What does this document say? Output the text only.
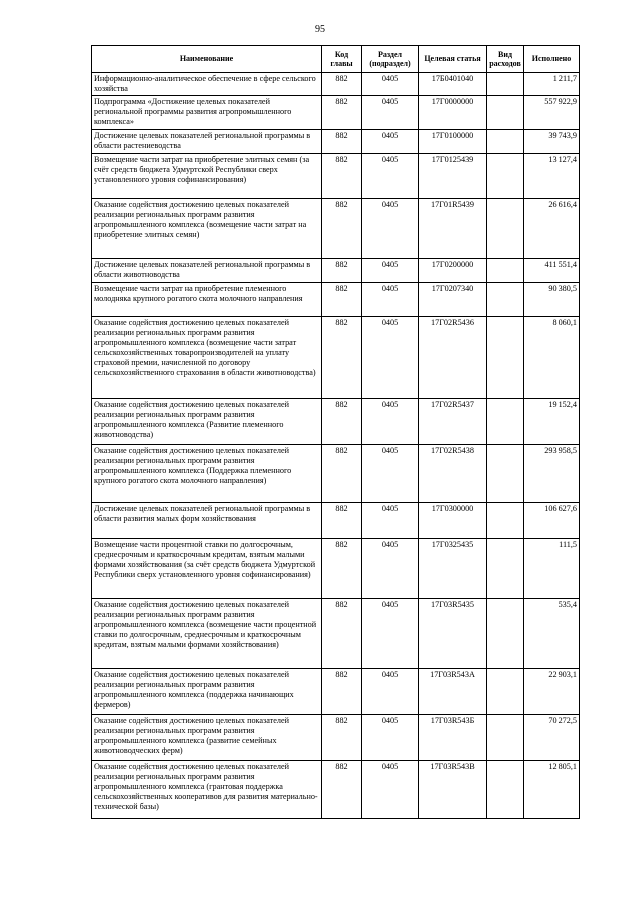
95
Наименование	Код главы	Раздел (подраздел)	Целевая статья	Вид расходов	Исполнено
Информационно-аналитическое обеспечение в сфере сельского хозяйства	882	0405	17Б0401040		1 211,7
Подпрограмма «Достижение целевых показателей региональной программы развития агропромышленного комплекса»	882	0405	17Г0000000		557 922,9
Достижение целевых показателей региональной программы в области растениеводства	882	0405	17Г0100000		39 743,9
Возмещение части затрат на приобретение элитных семян (за счёт средств бюджета Удмуртской Республики сверх установленного уровня софинансирования)	882	0405	17Г0125439		13 127,4
Оказание содействия достижению целевых показателей реализации региональных программ развития агропромышленного комплекса (возмещение части затрат на приобретение элитных семян)	882	0405	17Г01R5439		26 616,4
Достижение целевых показателей региональной программы в области животноводства	882	0405	17Г0200000		411 551,4
Возмещение части затрат на приобретение племенного молодняка крупного рогатого скота молочного направления	882	0405	17Г0207340		90 380,5
Оказание содействия достижению целевых показателей реализации региональных программ развития агропромышленного комплекса (возмещение части затрат сельскохозяйственных товаропроизводителей на уплату страховой премии, начисленной по договору сельскохозяйственного страхования в области животноводства)	882	0405	17Г02R5436		8 060,1
Оказание содействия достижению целевых показателей реализации региональных программ развития агропромышленного комплекса (Развитие племенного животноводства)	882	0405	17Г02R5437		19 152,4
Оказание содействия достижению целевых показателей реализации региональных программ развития агропромышленного комплекса (Поддержка племенного крупного рогатого скота молочного направления)	882	0405	17Г02R5438		293 958,5
Достижение целевых показателей региональной программы в области развития малых форм хозяйствования	882	0405	17Г0300000		106 627,6
Возмещение части процентной ставки по долгосрочным, среднесрочным и краткосрочным кредитам, взятым малыми формами хозяйствования (за счёт средств бюджета Удмуртской Республики сверх установленного уровня софинансирования)	882	0405	17Г0325435		111,5
Оказание содействия достижению целевых показателей реализации региональных программ развития агропромышленного комплекса (возмещение части процентной ставки по долгосрочным, среднесрочным и краткосрочным кредитам, взятым малыми формами хозяйствования)	882	0405	17Г03R5435		535,4
Оказание содействия достижению целевых показателей реализации региональных программ развития агропромышленного комплекса (поддержка начинающих фермеров)	882	0405	17Г03R543А		22 903,1
Оказание содействия достижению целевых показателей реализации региональных программ развития агропромышленного комплекса (развитие семейных животноводческих ферм)	882	0405	17Г03R543Б		70 272,5
Оказание содействия достижению целевых показателей реализации региональных программ развития агропромышленного комплекса (грантовая поддержка сельскохозяйственных кооперативов для развития материально-технической базы)	882	0405	17Г03R543В		12 805,1
